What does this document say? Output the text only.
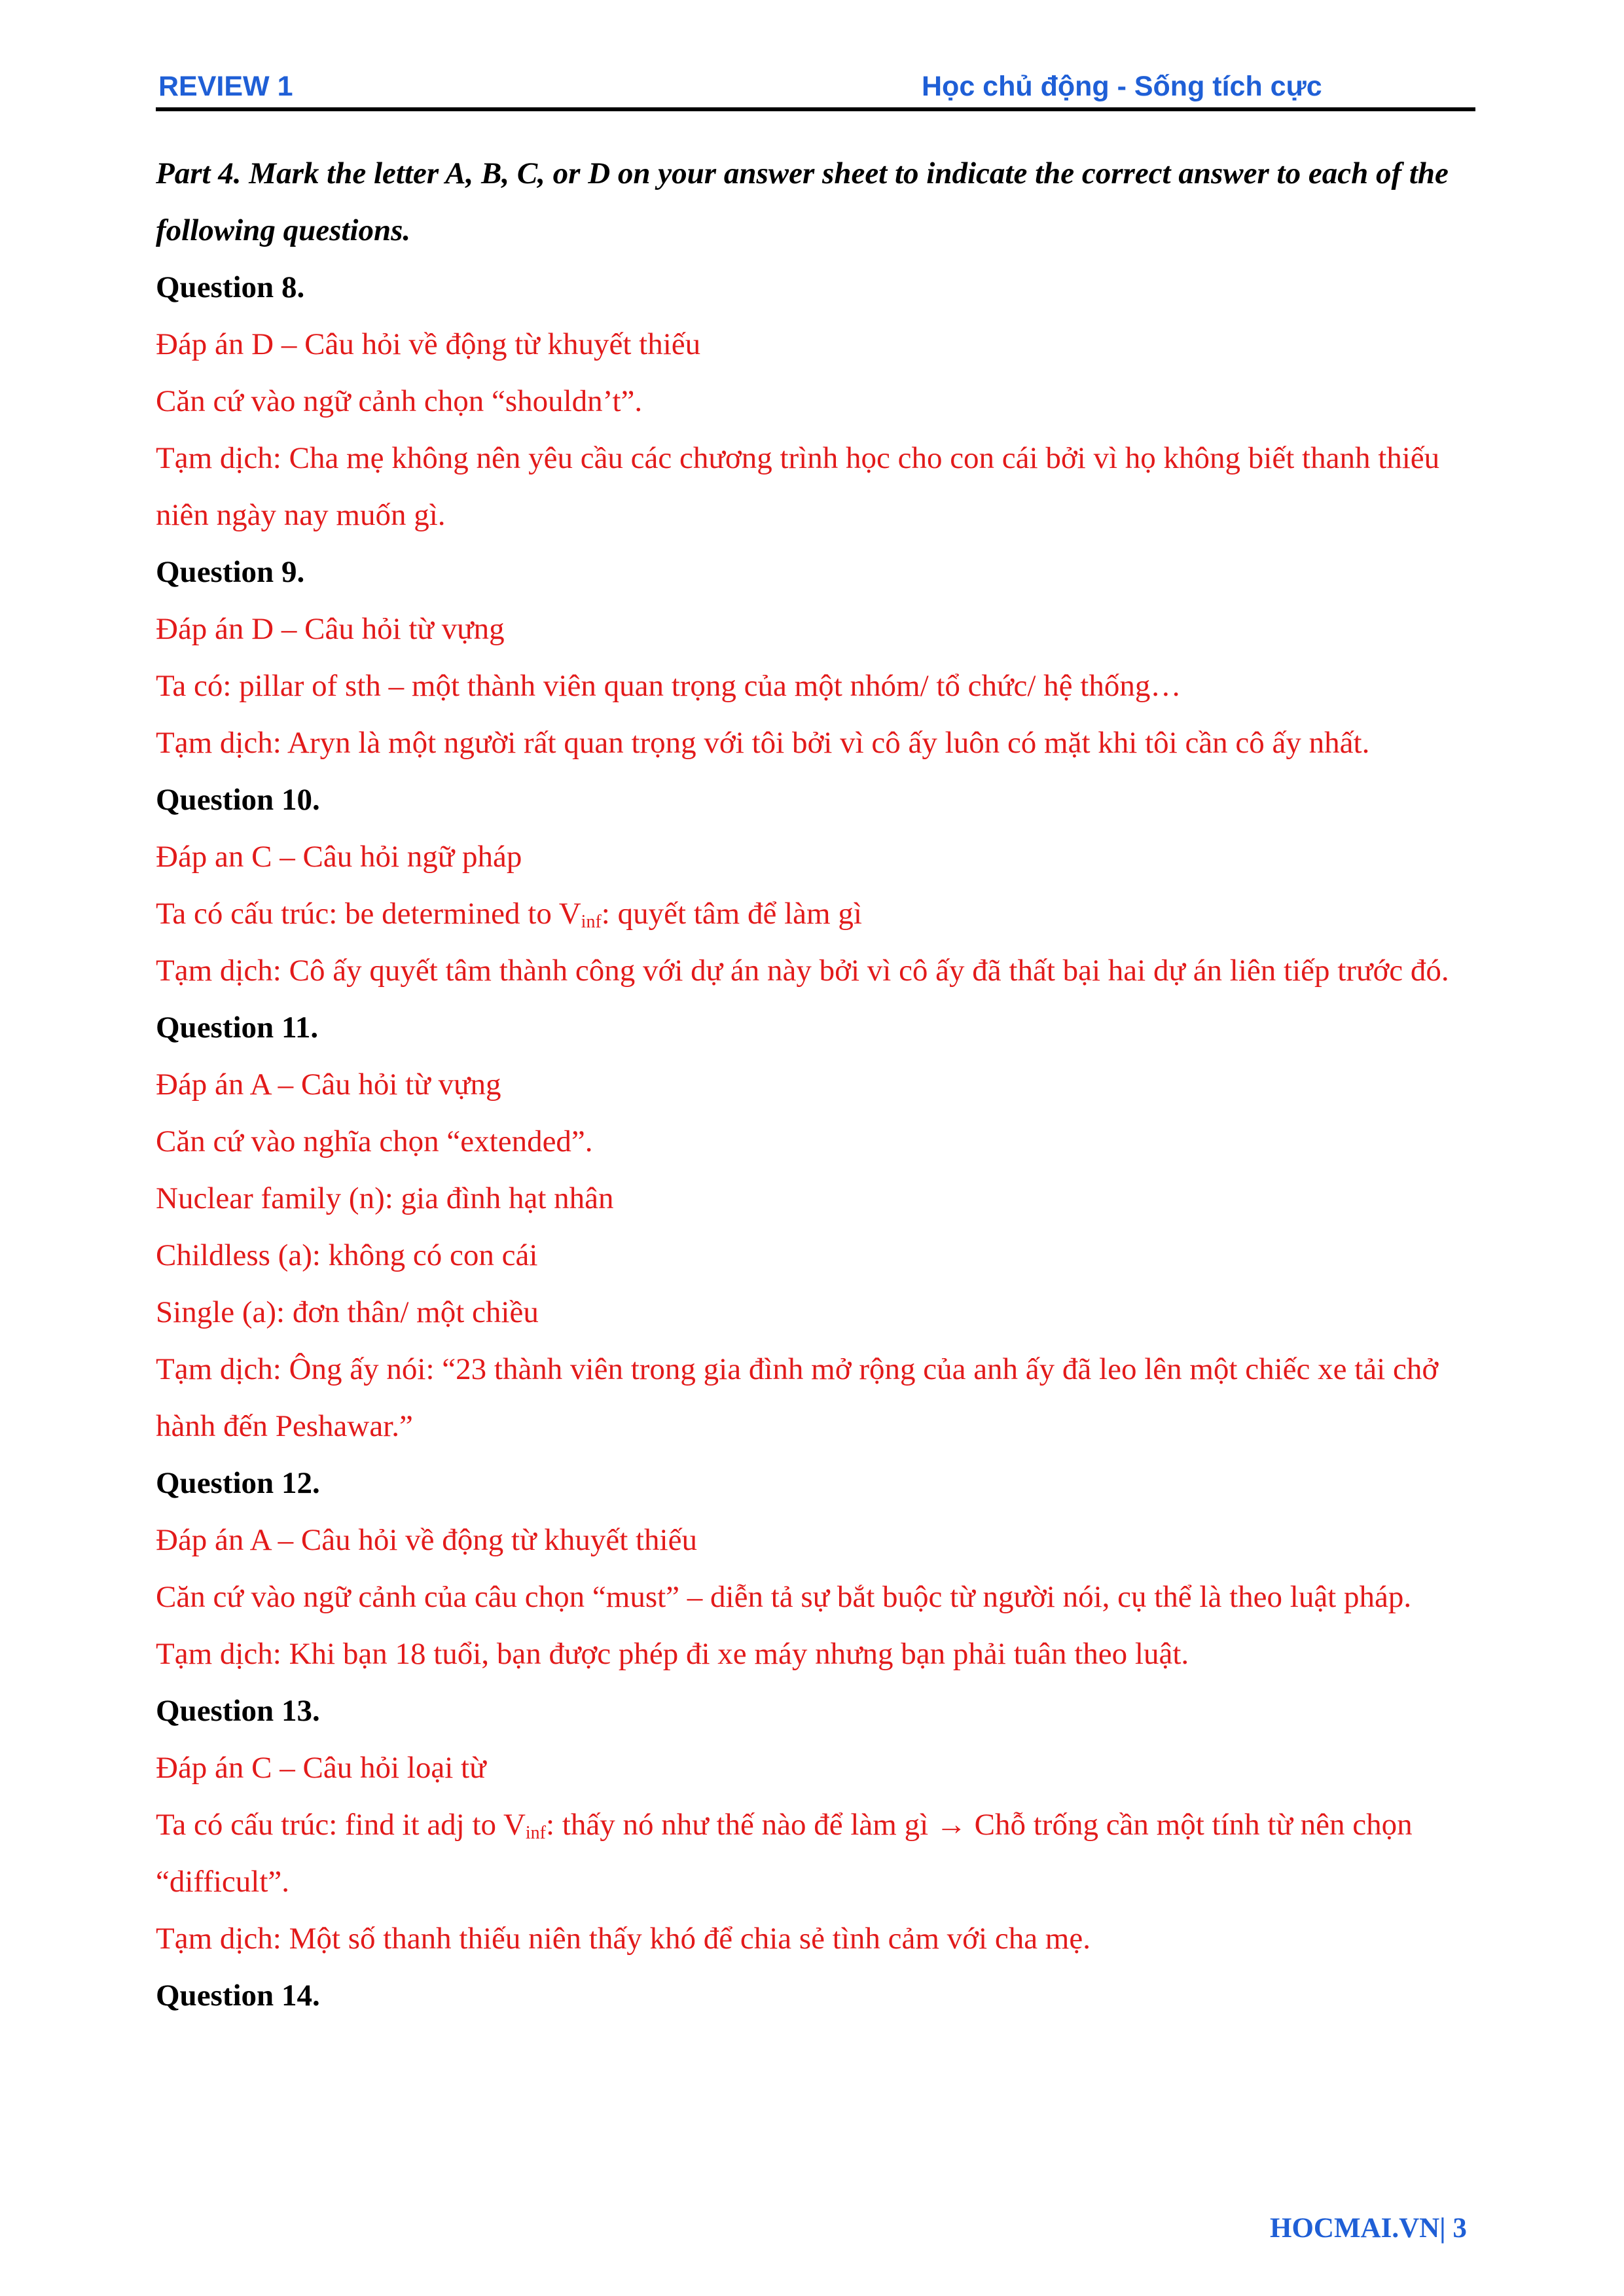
REVIEW 1	Học chủ động - Sống tích cực

Part 4. Mark the letter A, B, C, or D on your answer sheet to indicate the correct answer to each of the following questions.

Question 8.

Đáp án D – Câu hỏi về động từ khuyết thiếu

Căn cứ vào ngữ cảnh chọn “shouldn’t”.

Tạm dịch: Cha mẹ không nên yêu cầu các chương trình học cho con cái bởi vì họ không biết thanh thiếu niên ngày nay muốn gì.

Question 9.

Đáp án D – Câu hỏi từ vựng

Ta có: pillar of sth – một thành viên quan trọng của một nhóm/ tổ chức/ hệ thống…

Tạm dịch: Aryn là một người rất quan trọng với tôi bởi vì cô ấy luôn có mặt khi tôi cần cô ấy nhất.

Question 10.

Đáp an C – Câu hỏi ngữ pháp

Ta có cấu trúc: be determined to $V_{inf}$: quyết tâm để làm gì

Tạm dịch: Cô ấy quyết tâm thành công với dự án này bởi vì cô ấy đã thất bại hai dự án liên tiếp trước đó.

Question 11.

Đáp án A – Câu hỏi từ vựng

Căn cứ vào nghĩa chọn “extended”.

Nuclear family (n): gia đình hạt nhân

Childless (a): không có con cái

Single (a): đơn thân/ một chiều

Tạm dịch: Ông ấy nói: “23 thành viên trong gia đình mở rộng của anh ấy đã leo lên một chiếc xe tải chở hành đến Peshawar.”

Question 12.

Đáp án A – Câu hỏi về động từ khuyết thiếu

Căn cứ vào ngữ cảnh của câu chọn “must” – diễn tả sự bắt buộc từ người nói, cụ thể là theo luật pháp.

Tạm dịch: Khi bạn 18 tuổi, bạn được phép đi xe máy nhưng bạn phải tuân theo luật.

Question 13.

Đáp án C – Câu hỏi loại từ

Ta có cấu trúc: find it adj to $V_{inf}$: thấy nó như thế nào để làm gì → Chỗ trống cần một tính từ nên chọn “difficult”.

Tạm dịch: Một số thanh thiếu niên thấy khó để chia sẻ tình cảm với cha mẹ.

Question 14.

HOCMAI.VN| 3
